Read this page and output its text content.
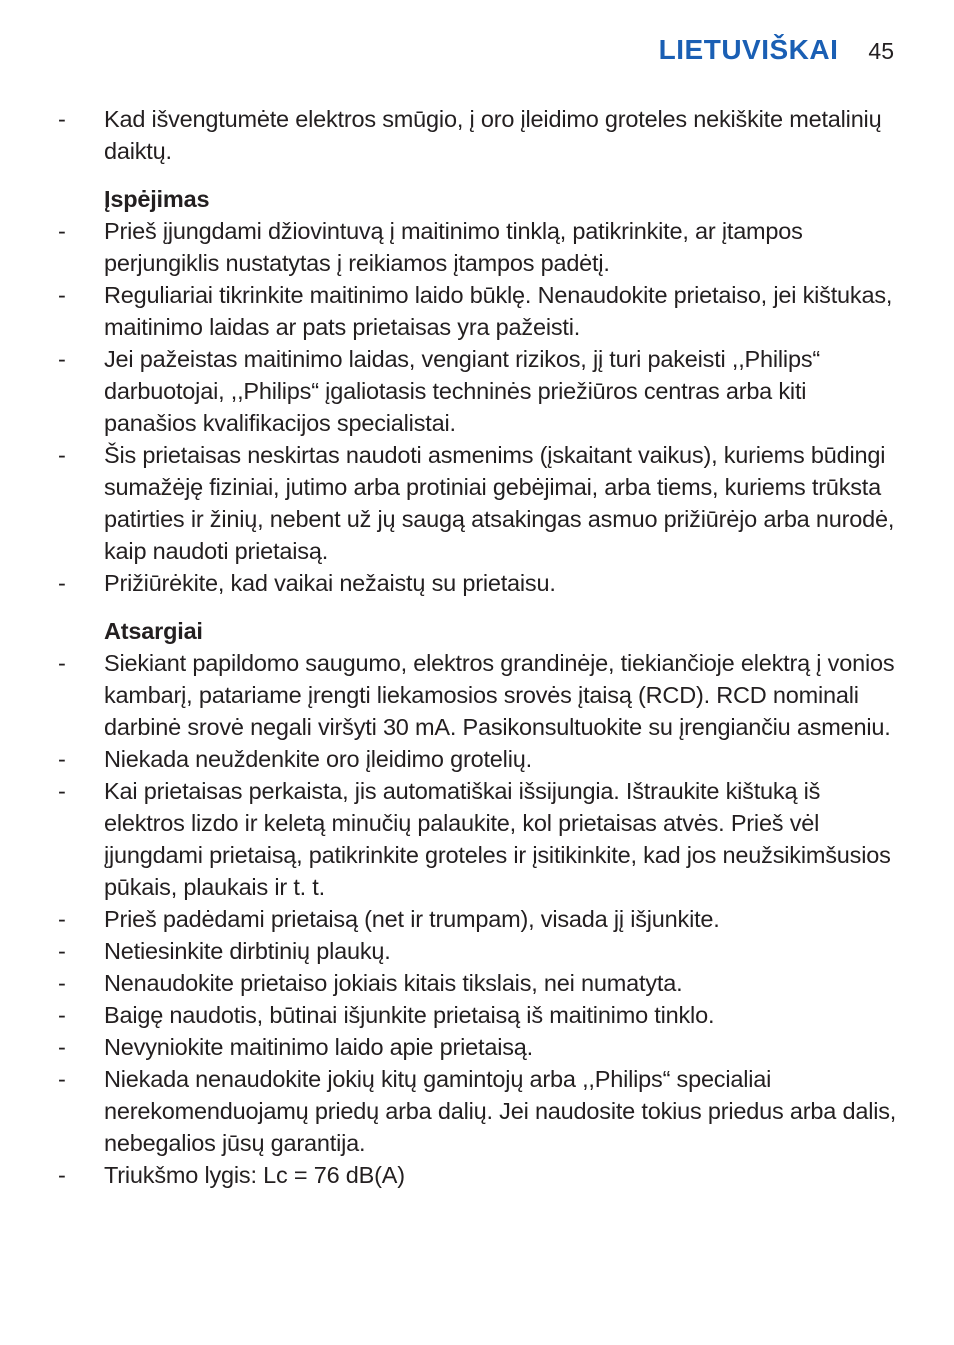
LIETUVIŠKAI 45
-	Kad išvengtumėte elektros smūgio, į oro įleidimo groteles nekiškite metalinių daiktų.
Įspėjimas
-	Prieš įjungdami džiovintuvą į maitinimo tinklą, patikrinkite, ar įtampos perjungiklis nustatytas į reikiamos įtampos padėtį.
-	Reguliariai tikrinkite maitinimo laido būklę. Nenaudokite prietaiso, jei kištukas, maitinimo laidas ar pats prietaisas yra pažeisti.
-	Jei pažeistas maitinimo laidas, vengiant rizikos, jį turi pakeisti ,,Philips“ darbuotojai, ,,Philips“ įgaliotasis techninės priežiūros centras arba kiti panašios kvalifikacijos specialistai.
-	Šis prietaisas neskirtas naudoti asmenims (įskaitant vaikus), kuriems būdingi sumažėję fiziniai, jutimo arba protiniai gebėjimai, arba tiems, kuriems trūksta patirties ir žinių, nebent už jų saugą atsakingas asmuo prižiūrėjo arba nurodė, kaip naudoti prietaisą.
-	Prižiūrėkite, kad vaikai nežaistų su prietaisu.
Atsargiai
-	Siekiant papildomo saugumo, elektros grandinėje, tiekiančioje elektrą į vonios kambarį, patariame įrengti liekamosios srovės įtaisą (RCD). RCD nominali darbinė srovė negali viršyti 30 mA. Pasikonsultuokite su įrengiančiu asmeniu.
-	Niekada neuždenkite oro įleidimo grotelių.
-	Kai prietaisas perkaista, jis automatiškai išsijungia. Ištraukite kištuką iš elektros lizdo ir keletą minučių palaukite, kol prietaisas atvės. Prieš vėl įjungdami prietaisą, patikrinkite groteles ir įsitikinkite, kad jos neužsikimšusios pūkais, plaukais ir t. t.
-	Prieš padėdami prietaisą (net ir trumpam), visada jį išjunkite.
-	Netiesinkite dirbtinių plaukų.
-	Nenaudokite prietaiso jokiais kitais tikslais, nei numatyta.
-	Baigę naudotis, būtinai išjunkite prietaisą iš maitinimo tinklo.
-	Nevyniokite maitinimo laido apie prietaisą.
-	Niekada nenaudokite jokių kitų gamintojų arba ,,Philips“ specialiai nerekomenduojamų priedų arba dalių. Jei naudosite tokius priedus arba dalis, nebegalios jūsų garantija.
-	Triukšmo lygis: Lc = 76 dB(A)
